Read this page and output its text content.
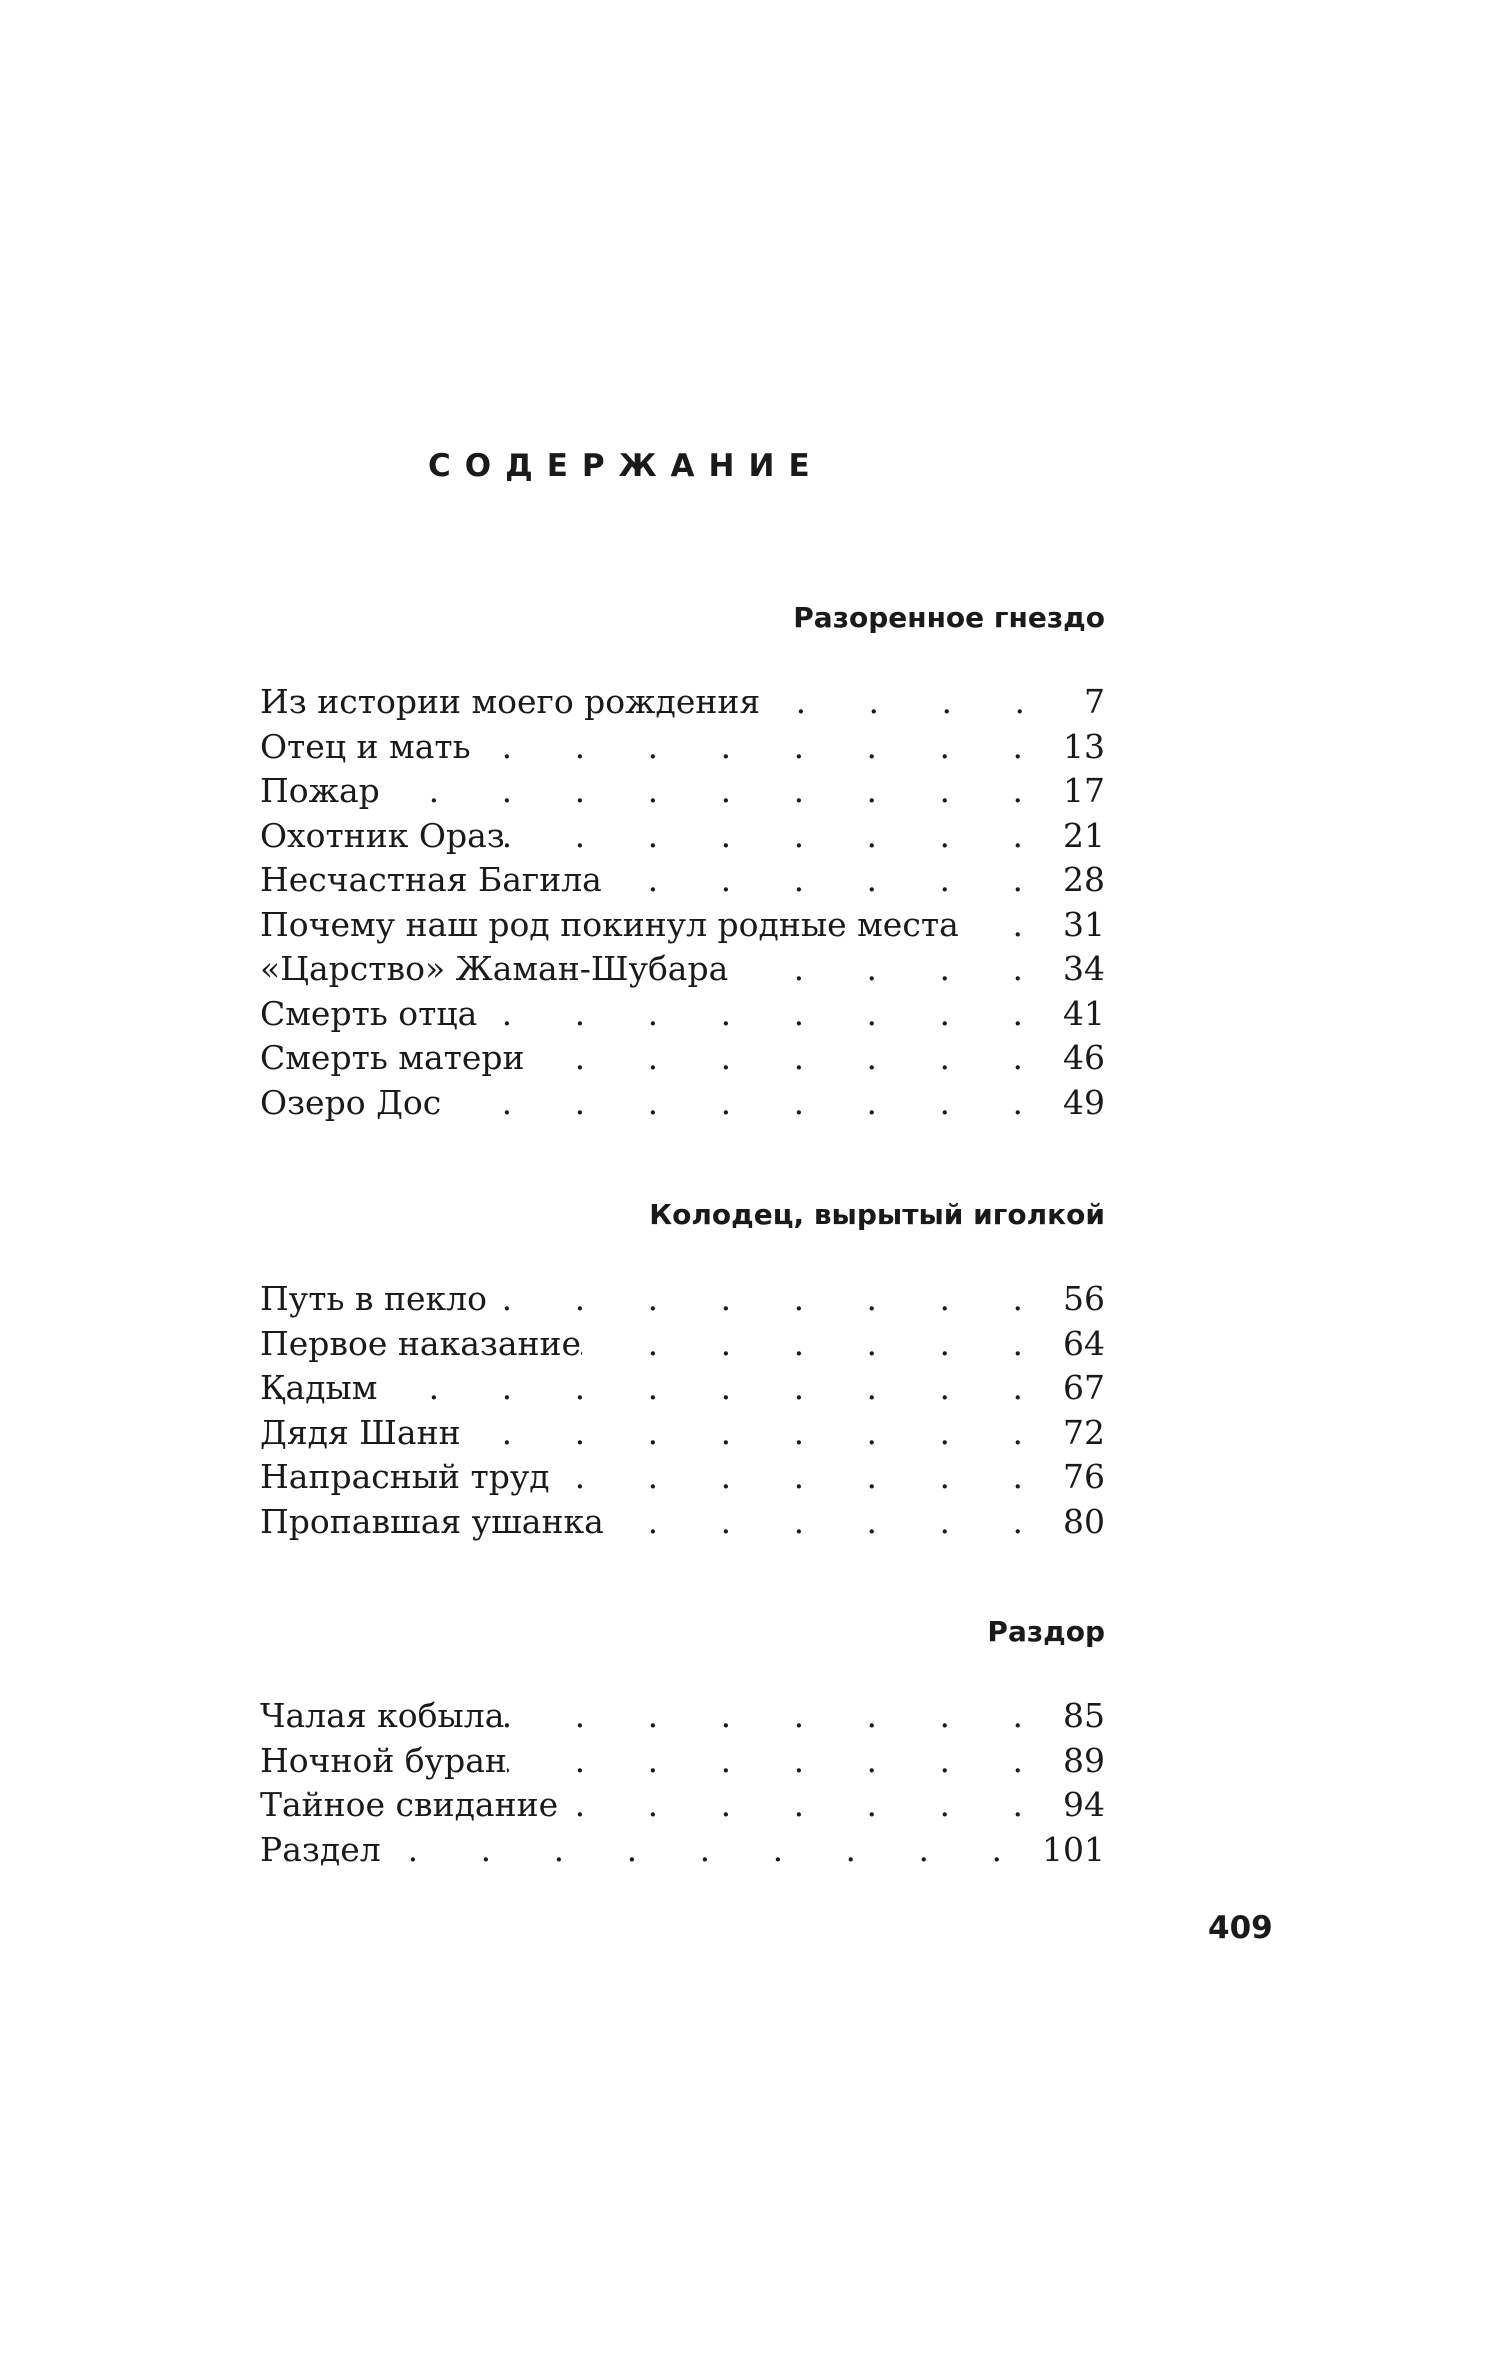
СОДЕРЖАНИЕ
Разоренное гнездо
Из истории моего рождения . . .	7
Отец и мать . . .	13
Пожар . . .	17
Охотник Ораз . . .	21
Несчастная Багила . . .	28
Почему наш род покинул родные места . . .	31
«Царство» Жаман-Шубара . . .	34
Смерть отца . . .	41
Смерть матери . . .	46
Озеро Дос . . .	49
Колодец, вырытый иголкой
Путь в пекло . . .	56
Первое наказание . . .	64
Қадым . . .	67
Дядя Шанн . . .	72
Напрасный труд . . .	76
Пропавшая ушанка . . .	80
Раздор
Чалая кобыла . . .	85
Ночной буран . . .	89
Тайное свидание . . .	94
Раздел . . .	101
409
